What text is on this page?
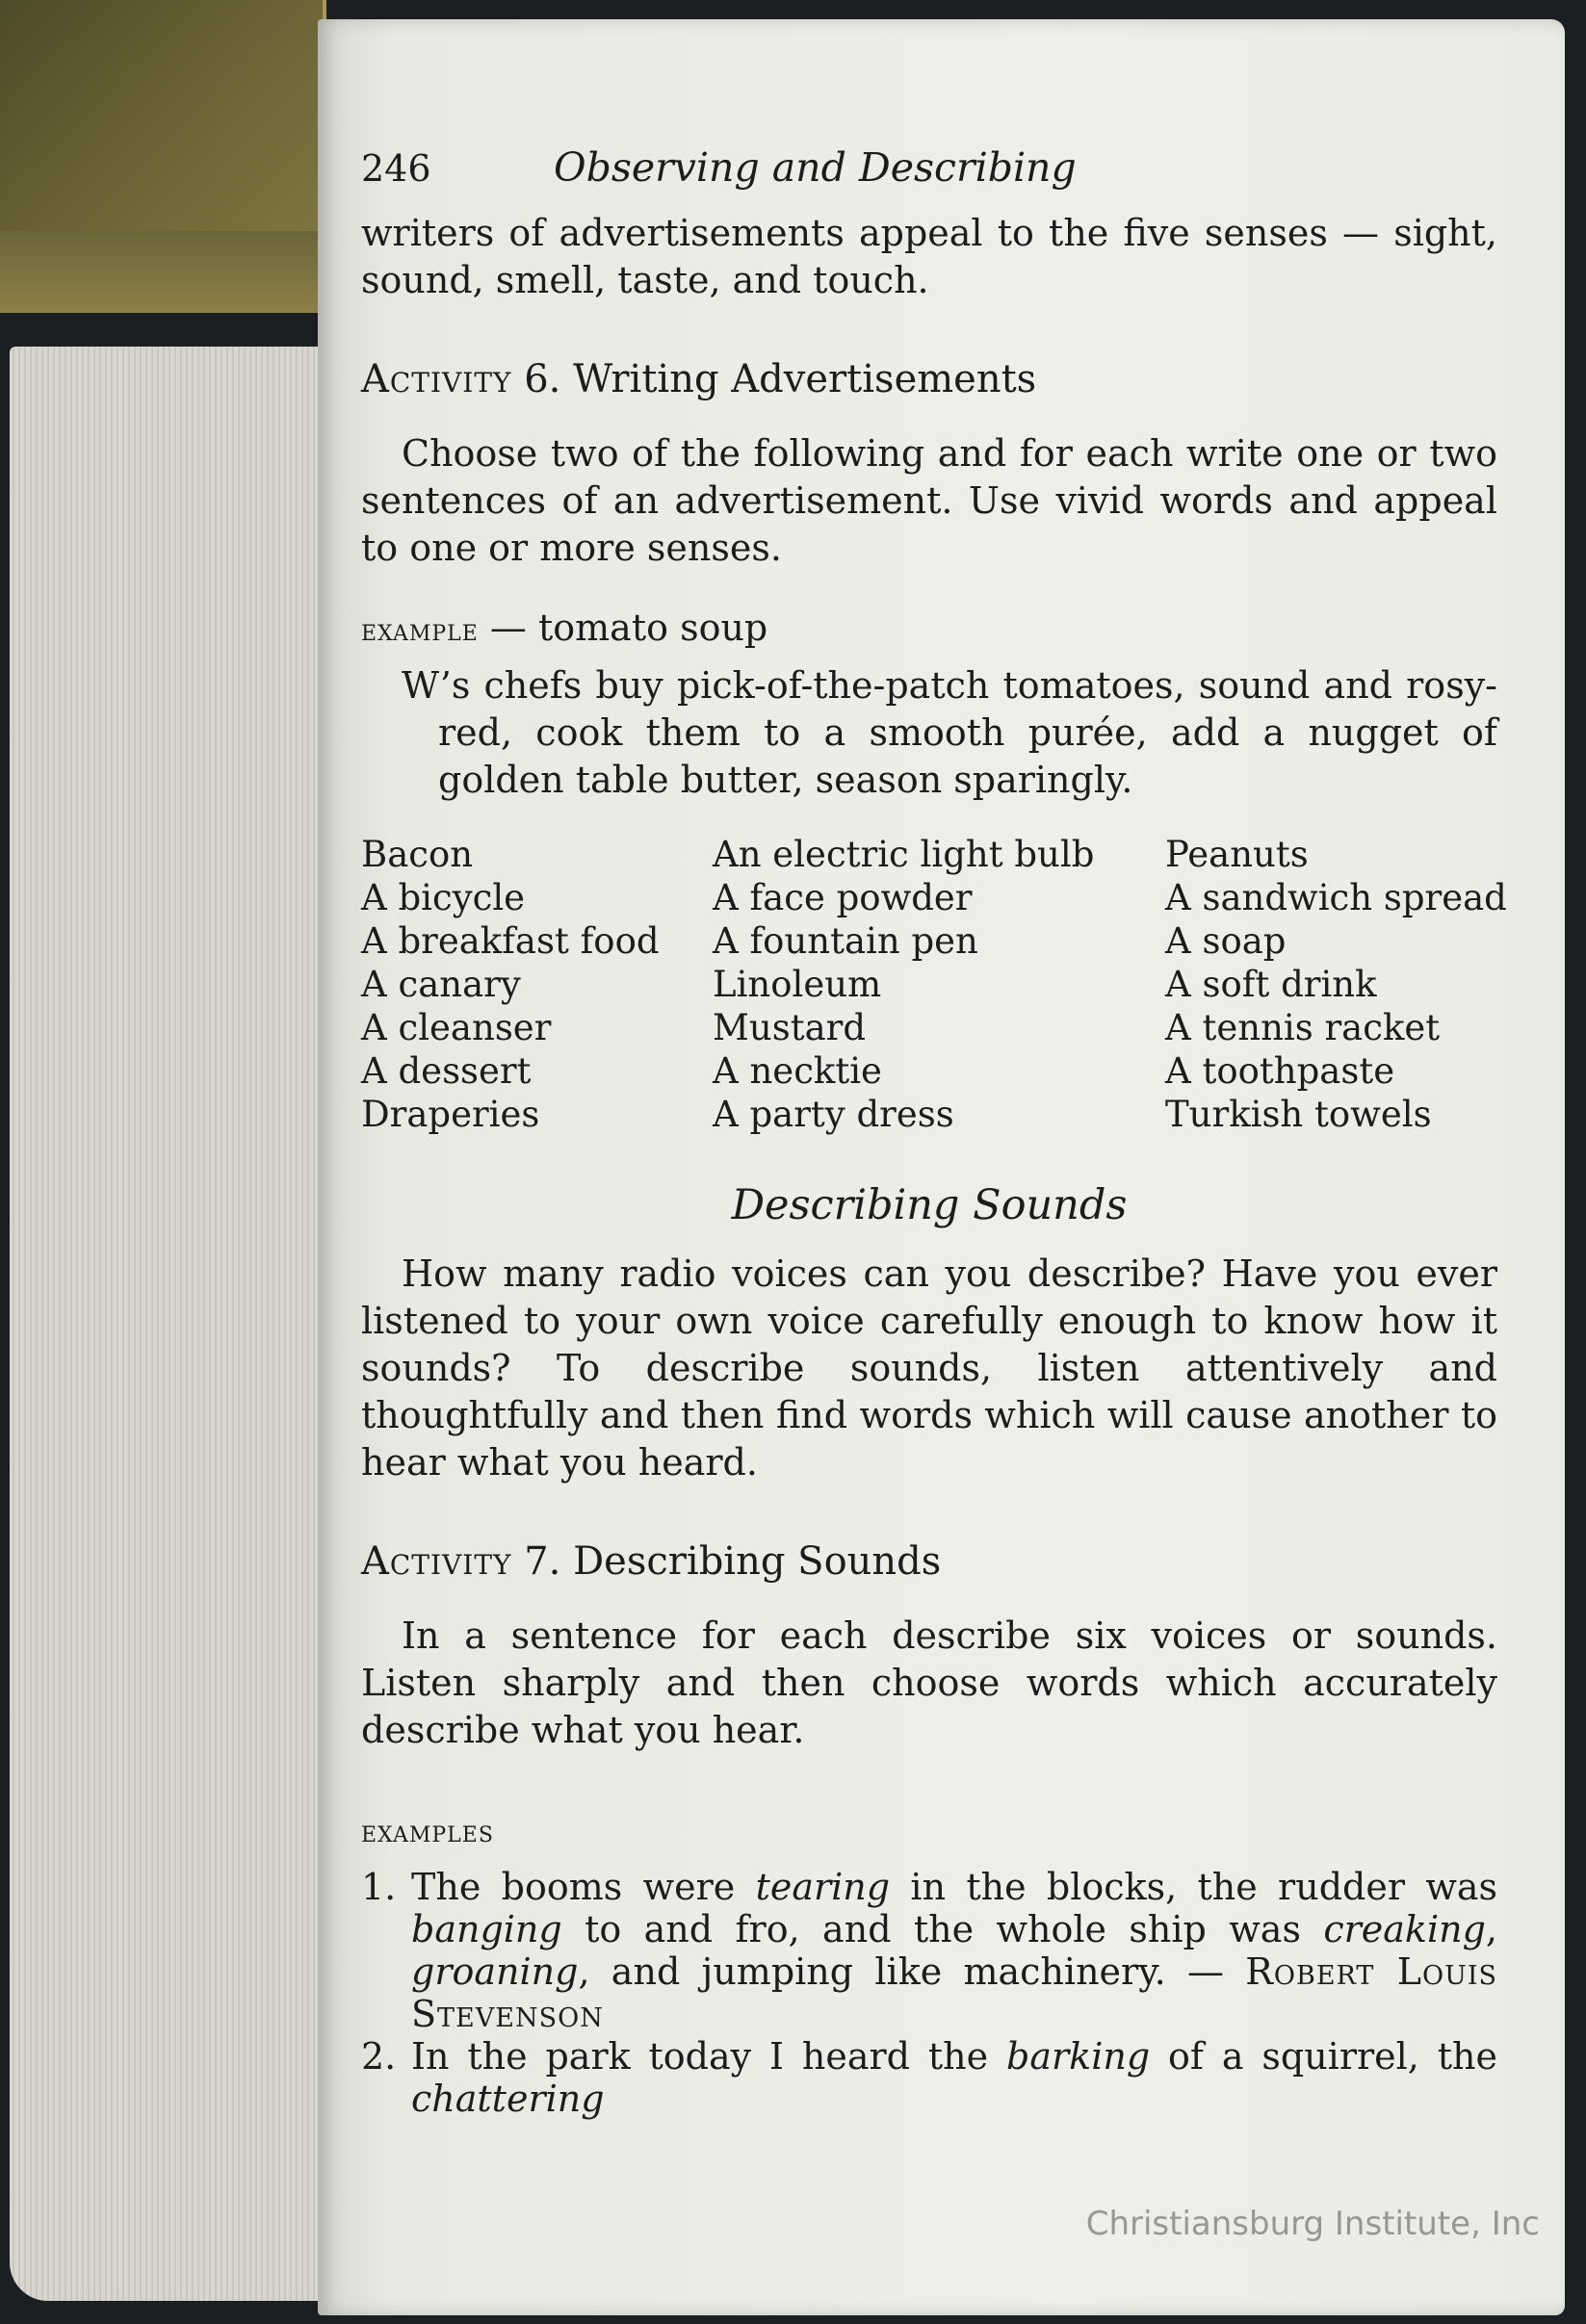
246	Observing and Describing

writers of advertisements appeal to the five senses — sight, sound, smell, taste, and touch.

Activity 6. Writing Advertisements

Choose two of the following and for each write one or two sentences of an advertisement. Use vivid words and appeal to one or more senses.

example — tomato soup

W’s chefs buy pick-of-the-patch tomatoes, sound and rosy-red, cook them to a smooth purée, add a nugget of golden table butter, season sparingly.

Bacon
A bicycle
A breakfast food
A canary
A cleanser
A dessert
Draperies
An electric light bulb
A face powder
A fountain pen
Linoleum
Mustard
A necktie
A party dress
Peanuts
A sandwich spread
A soap
A soft drink
A tennis racket
A toothpaste
Turkish towels
Describing Sounds

How many radio voices can you describe? Have you ever listened to your own voice carefully enough to know how it sounds? To describe sounds, listen attentively and thoughtfully and then find words which will cause another to hear what you heard.

Activity 7. Describing Sounds

In a sentence for each describe six voices or sounds. Listen sharply and then choose words which accurately describe what you hear.

examples
1. The booms were tearing in the blocks, the rudder was banging to and fro, and the whole ship was creaking, groaning, and jumping like machinery. — Robert Louis Stevenson
2. In the park today I heard the barking of a squirrel, the chattering
Christiansburg Institute, Inc
